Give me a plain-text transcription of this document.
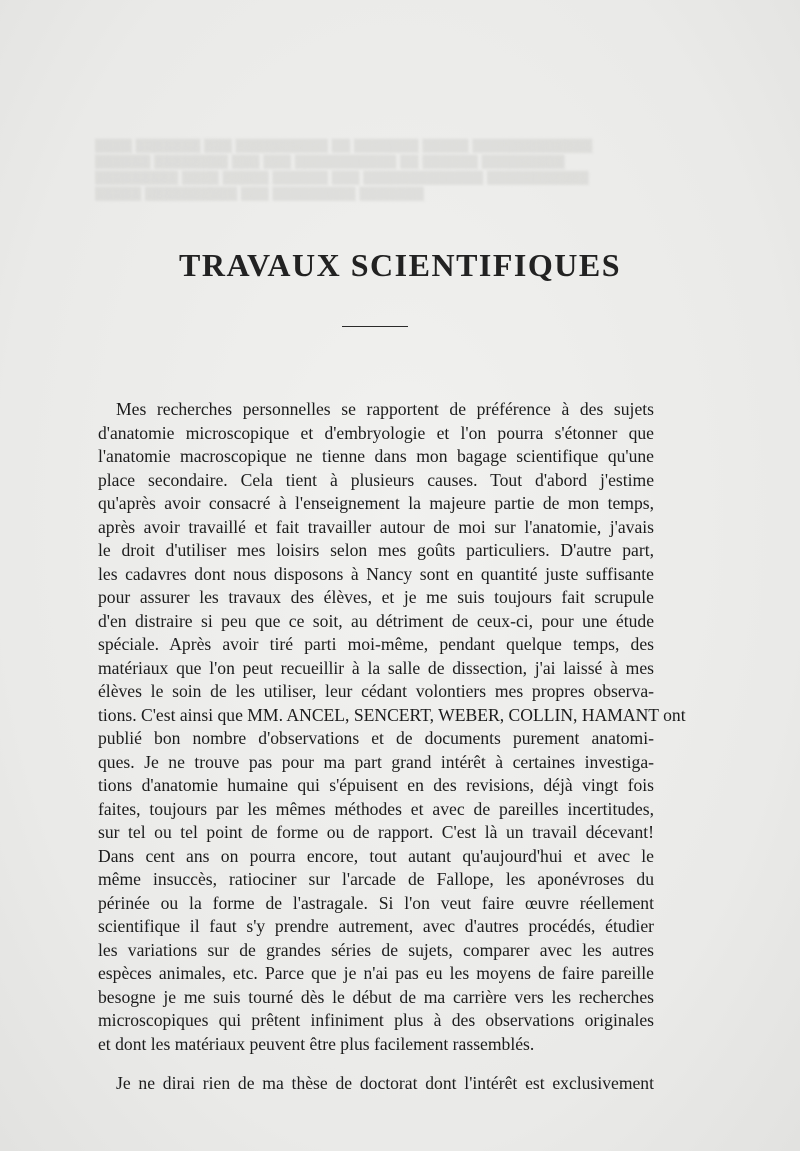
▒▒▒▒ ▒▒▒▒▒▒▒ ▒▒▒ ▒▒▒▒▒▒▒▒▒▒ ▒▒ ▒▒▒▒▒▒▒ ▒▒▒▒▒ ▒▒▒▒▒▒▒▒▒▒▒▒▒
▒▒▒▒▒▒ ▒▒▒▒▒▒▒▒ ▒▒▒ ▒▒▒ ▒▒▒▒▒▒▒▒▒▒▒ ▒▒ ▒▒▒▒▒▒ ▒▒▒▒▒▒▒▒▒
▒▒▒▒▒▒▒▒▒ ▒▒▒▒ ▒▒▒▒▒ ▒▒▒▒▒▒ ▒▒▒ ▒▒▒▒▒▒▒▒▒▒▒▒▒ ▒▒▒▒▒▒▒▒▒▒▒
▒▒▒▒▒ ▒▒▒▒▒▒▒▒▒▒ ▒▒▒ ▒▒▒▒▒▒▒▒▒ ▒▒▒▒▒▒▒
TRAVAUX SCIENTIFIQUES
Mes recherches personnelles se rapportent de préférence à des sujets
d'anatomie microscopique et d'embryologie et l'on pourra s'étonner que
l'anatomie macroscopique ne tienne dans mon bagage scientifique qu'une
place secondaire. Cela tient à plusieurs causes. Tout d'abord j'estime
qu'après avoir consacré à l'enseignement la majeure partie de mon temps,
après avoir travaillé et fait travailler autour de moi sur l'anatomie, j'avais
le droit d'utiliser mes loisirs selon mes goûts particuliers. D'autre part,
les cadavres dont nous disposons à Nancy sont en quantité juste suffisante
pour assurer les travaux des élèves, et je me suis toujours fait scrupule
d'en distraire si peu que ce soit, au détriment de ceux-ci, pour une étude
spéciale. Après avoir tiré parti moi-même, pendant quelque temps, des
matériaux que l'on peut recueillir à la salle de dissection, j'ai laissé à mes
élèves le soin de les utiliser, leur cédant volontiers mes propres observa-
tions. C'est ainsi que MM. ANCEL, SENCERT, WEBER, COLLIN, HAMANT ont
publié bon nombre d'observations et de documents purement anatomi-
ques. Je ne trouve pas pour ma part grand intérêt à certaines investiga-
tions d'anatomie humaine qui s'épuisent en des revisions, déjà vingt fois
faites, toujours par les mêmes méthodes et avec de pareilles incertitudes,
sur tel ou tel point de forme ou de rapport. C'est là un travail décevant!
Dans cent ans on pourra encore, tout autant qu'aujourd'hui et avec le
même insuccès, ratiociner sur l'arcade de Fallope, les aponévroses du
périnée ou la forme de l'astragale. Si l'on veut faire œuvre réellement
scientifique il faut s'y prendre autrement, avec d'autres procédés, étudier
les variations sur de grandes séries de sujets, comparer avec les autres
espèces animales, etc. Parce que je n'ai pas eu les moyens de faire pareille
besogne je me suis tourné dès le début de ma carrière vers les recherches
microscopiques qui prêtent infiniment plus à des observations originales
et dont les matériaux peuvent être plus facilement rassemblés.
Je ne dirai rien de ma thèse de doctorat dont l'intérêt est exclusivement
